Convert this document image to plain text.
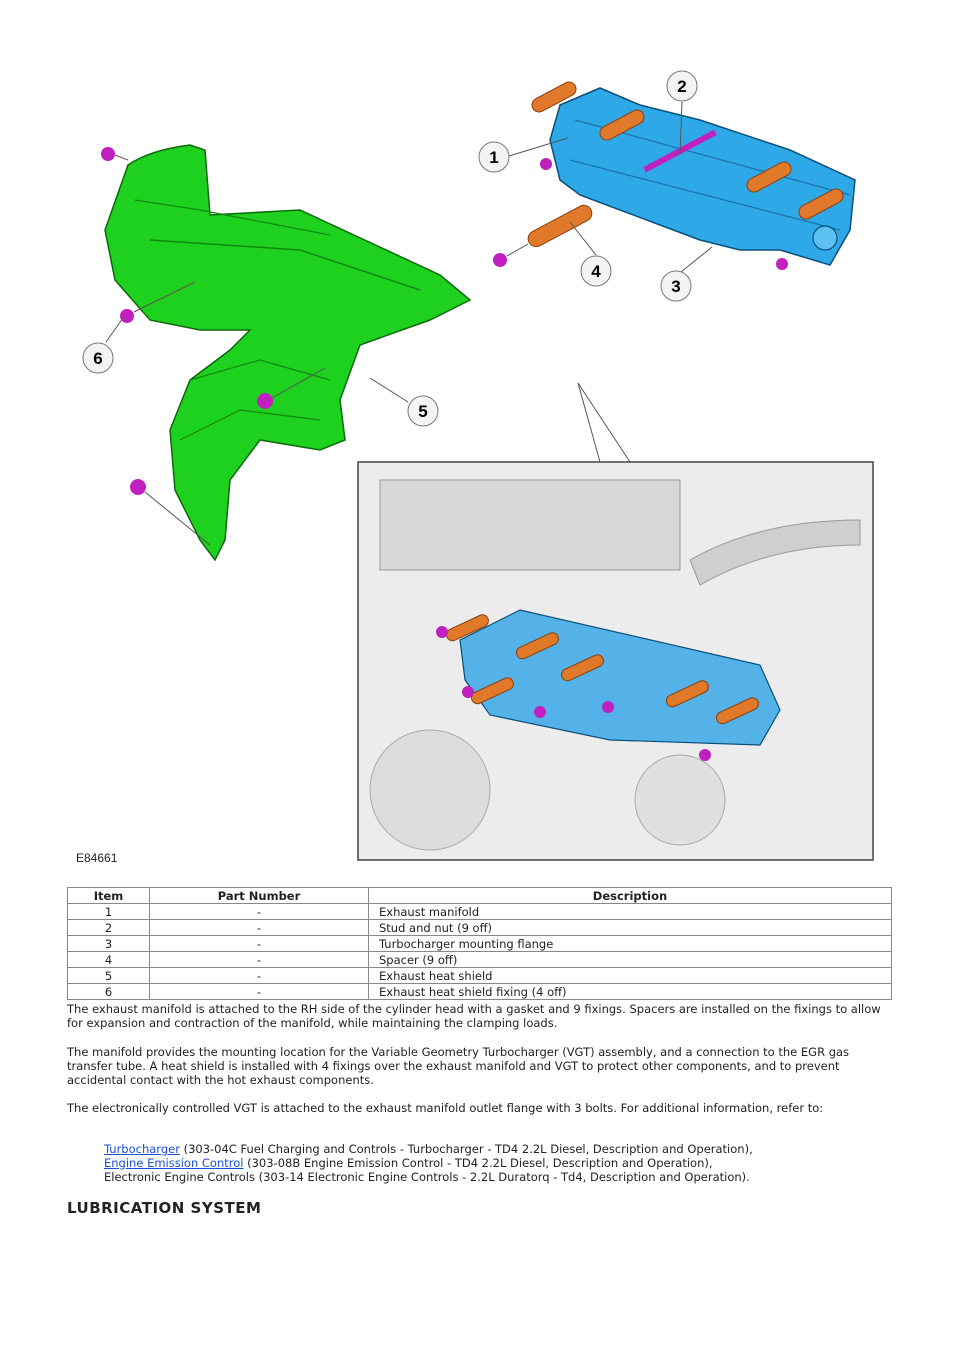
1
2
3
4
5
6
E84661
Item	Part Number	Description
1	-	Exhaust manifold
2	-	Stud and nut (9 off)
3	-	Turbocharger mounting flange
4	-	Spacer (9 off)
5	-	Exhaust heat shield
6	-	Exhaust heat shield fixing (4 off)

The exhaust manifold is attached to the RH side of the cylinder head with a gasket and 9 fixings. Spacers are installed on the fixings to allow for expansion and contraction of the manifold, while maintaining the clamping loads.

The manifold provides the mounting location for the Variable Geometry Turbocharger (VGT) assembly, and a connection to the EGR gas transfer tube. A heat shield is installed with 4 fixings over the exhaust manifold and VGT to protect other components, and to prevent accidental contact with the hot exhaust components.

The electronically controlled VGT is attached to the exhaust manifold outlet flange with 3 bolts. For additional information, refer to:

Turbocharger (303-04C Fuel Charging and Controls - Turbocharger - TD4 2.2L Diesel, Description and Operation),
Engine Emission Control (303-08B Engine Emission Control - TD4 2.2L Diesel, Description and Operation),
Electronic Engine Controls (303-14 Electronic Engine Controls - 2.2L Duratorq - Td4, Description and Operation).

LUBRICATION SYSTEM
